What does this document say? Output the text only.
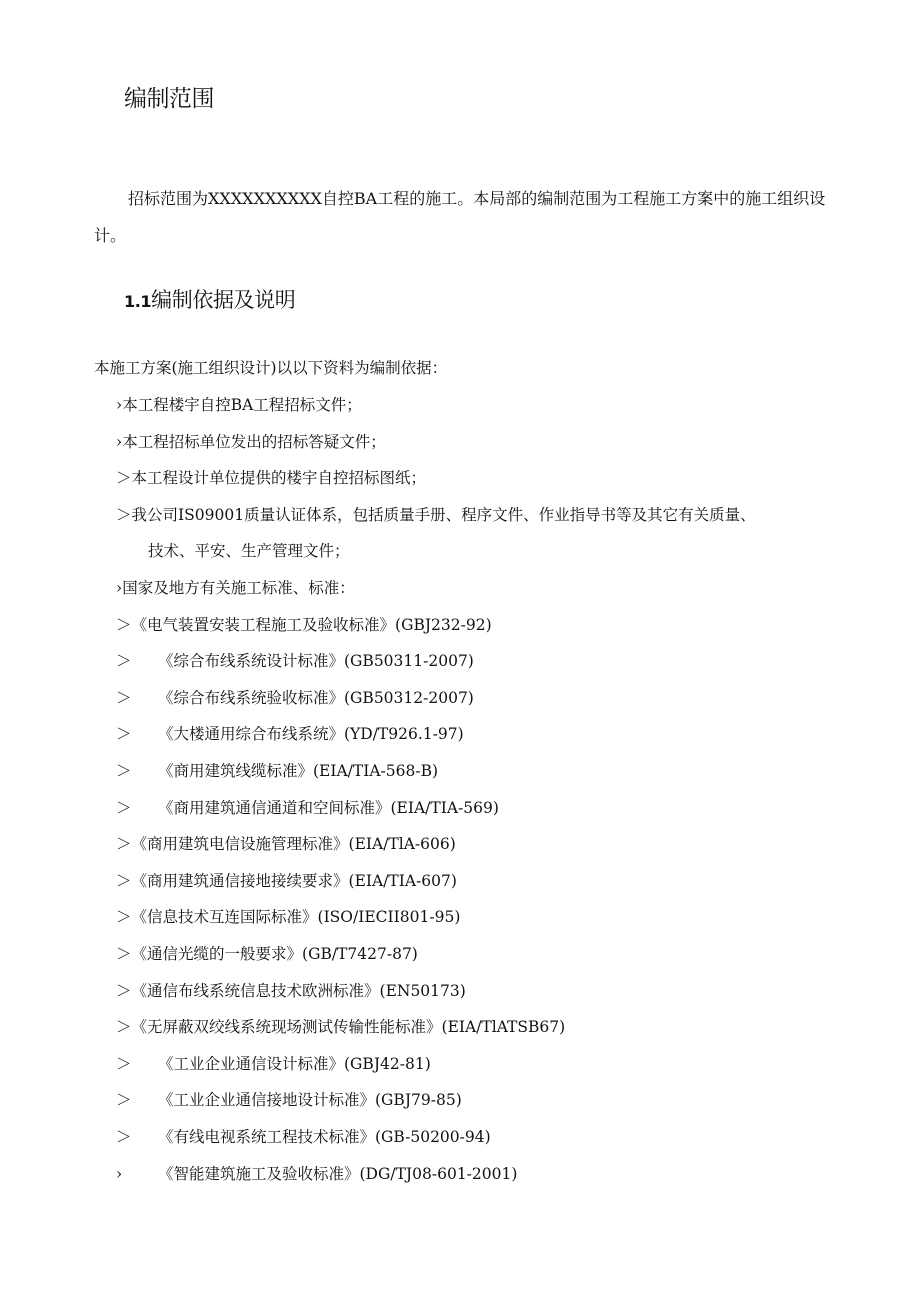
编制范围

招标范围为XXXXXXXXXX自控BA工程的施工。本局部的编制范围为工程施工方案中的施工组织设计。

1.1编制依据及说明

本施工方案(施工组织设计)以以下资料为编制依据：

›本工程楼宇自控BA工程招标文件；
›本工程招标单位发出的招标答疑文件；
＞本工程设计单位提供的楼宇自控招标图纸；
＞我公司IS09001质量认证体系，包括质量手册、程序文件、作业指导书等及其它有关质量、
技术、平安、生产管理文件；
›国家及地方有关施工标准、标准：
＞《电气装置安装工程施工及验收标准》(GBJ232-92)
＞ 《综合布线系统设计标准》(GB50311-2007)
＞ 《综合布线系统验收标准》(GB50312-2007)
＞ 《大楼通用综合布线系统》(YD/T926.1-97)
＞ 《商用建筑线缆标准》(EIA/TIA-568-B)
＞ 《商用建筑通信通道和空间标准》(EIA/TIA-569)
＞《商用建筑电信设施管理标准》(EIA/TlA-606)
＞《商用建筑通信接地接续要求》(EIA/TIA-607)
＞《信息技术互连国际标准》(ISO/IECII801-95)
＞《通信光缆的一般要求》(GB/T7427-87)
＞《通信布线系统信息技术欧洲标准》(EN50173)
＞《无屏蔽双绞线系统现场测试传输性能标准》(EIA/TlATSB67)
＞ 《工业企业通信设计标准》(GBJ42-81)
＞ 《工业企业通信接地设计标准》(GBJ79-85)
＞ 《有线电视系统工程技术标准》(GB-50200-94)
› 《智能建筑施工及验收标准》(DG/TJ08-601-2001)
